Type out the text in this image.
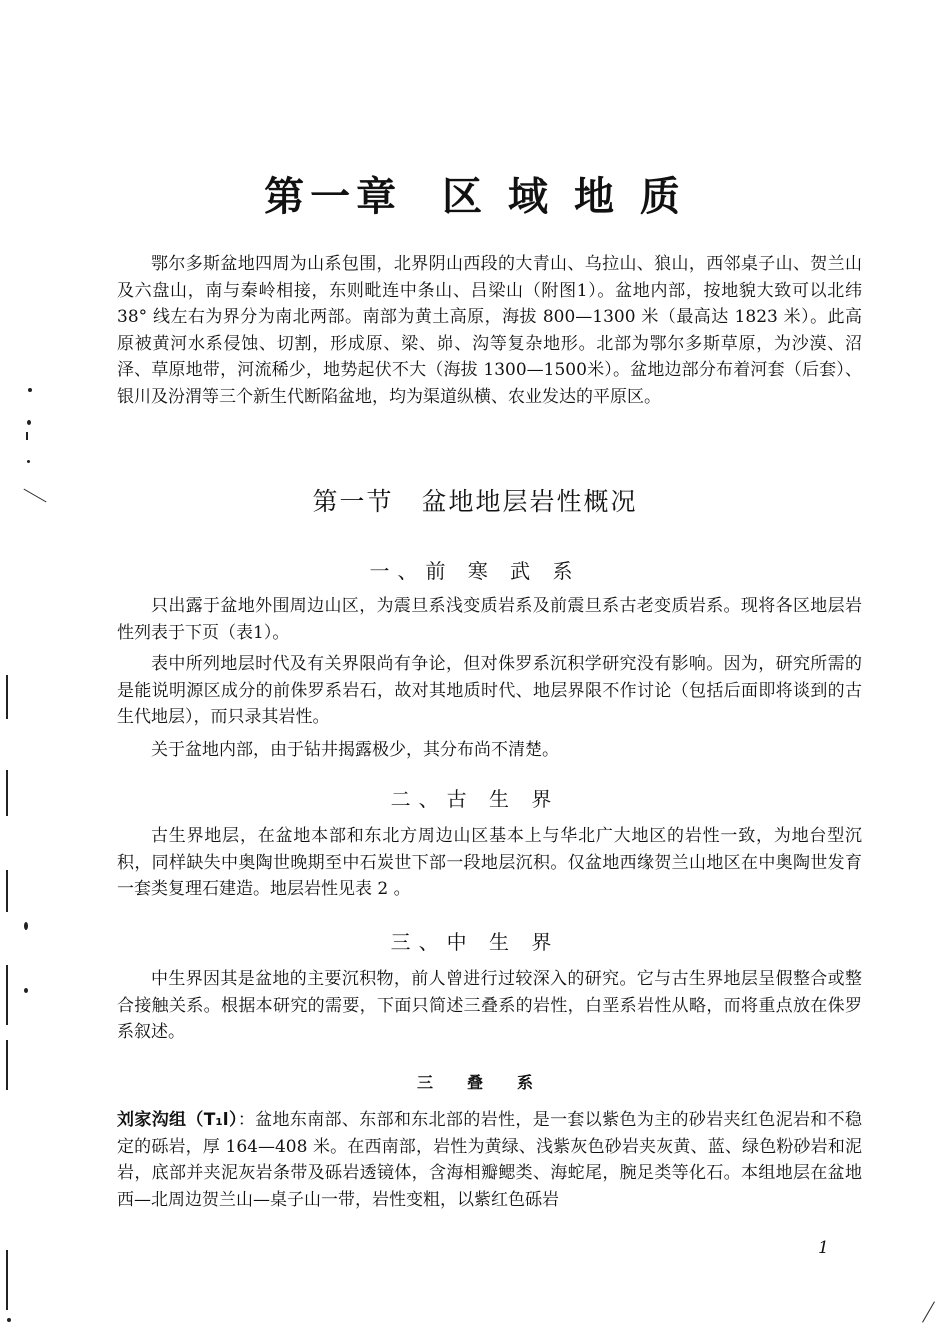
第一章 区 域 地 质

鄂尔多斯盆地四周为山系包围，北界阴山西段的大青山、乌拉山、狼山，西邻桌子山、贺兰山及六盘山，南与秦岭相接，东则毗连中条山、吕梁山（附图1）。盆地内部，按地貌大致可以北纬 38° 线左右为界分为南北两部。南部为黄土高原，海拔 800—1300 米（最高达 1823 米）。此高原被黄河水系侵蚀、切割，形成原、梁、峁、沟等复杂地形。北部为鄂尔多斯草原，为沙漠、沼泽、草原地带，河流稀少，地势起伏不大（海拔 1300—1500米）。盆地边部分布着河套（后套）、银川及汾渭等三个新生代断陷盆地，均为渠道纵横、农业发达的平原区。

第一节 盆地地层岩性概况
一、前 寒 武 系

只出露于盆地外围周边山区，为震旦系浅变质岩系及前震旦系古老变质岩系。现将各区地层岩性列表于下页（表1）。

表中所列地层时代及有关界限尚有争论，但对侏罗系沉积学研究没有影响。因为，研究所需的是能说明源区成分的前侏罗系岩石，故对其地质时代、地层界限不作讨论（包括后面即将谈到的古生代地层），而只录其岩性。

关于盆地内部，由于钻井揭露极少，其分布尚不清楚。

二、古 生 界

古生界地层，在盆地本部和东北方周边山区基本上与华北广大地区的岩性一致，为地台型沉积，同样缺失中奥陶世晚期至中石炭世下部一段地层沉积。仅盆地西缘贺兰山地区在中奥陶世发育一套类复理石建造。地层岩性见表 2 。

三、中 生 界

中生界因其是盆地的主要沉积物，前人曾进行过较深入的研究。它与古生界地层呈假整合或整合接触关系。根据本研究的需要，下面只简述三叠系的岩性，白垩系岩性从略，而将重点放在侏罗系叙述。

三叠系

刘家沟组（T₁l）：盆地东南部、东部和东北部的岩性，是一套以紫色为主的砂岩夹红色泥岩和不稳定的砾岩，厚 164—408 米。在西南部，岩性为黄绿、浅紫灰色砂岩夹灰黄、蓝、绿色粉砂岩和泥岩，底部并夹泥灰岩条带及砾岩透镜体，含海相瓣鳃类、海蛇尾，腕足类等化石。本组地层在盆地西—北周边贺兰山—桌子山一带，岩性变粗，以紫红色砾岩

1
